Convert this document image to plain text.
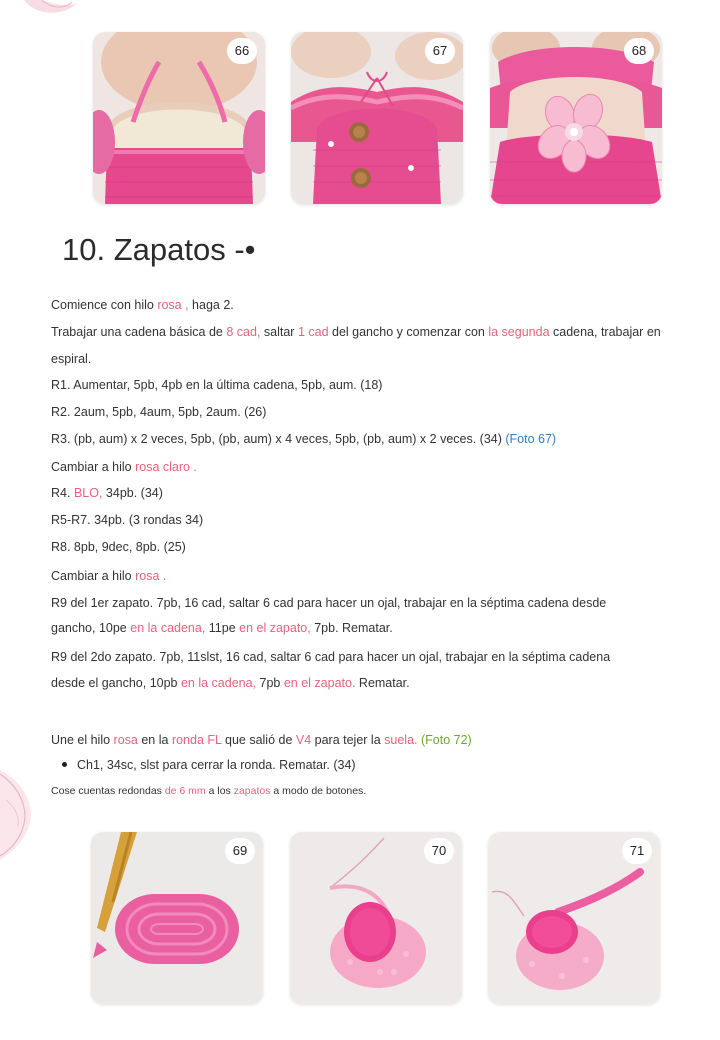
66	67	68
10. Zapatos -•

Comience con hilo rosa , haga 2.

Trabajar una cadena básica de 8 cad, saltar 1 cad del gancho y comenzar con la segunda cadena, trabajar en

espiral.

R1. Aumentar, 5pb, 4pb en la última cadena, 5pb, aum. (18)

R2. 2aum, 5pb, 4aum, 5pb, 2aum. (26)

R3. (pb, aum) x 2 veces, 5pb, (pb, aum) x 4 veces, 5pb, (pb, aum) x 2 veces. (34) (Foto 67)

Cambiar a hilo rosa claro .

R4. BLO, 34pb. (34)

R5-R7. 34pb. (3 rondas 34)

R8. 8pb, 9dec, 8pb. (25)

Cambiar a hilo rosa .

R9 del 1er zapato. 7pb, 16 cad, saltar 6 cad para hacer un ojal, trabajar en la séptima cadena desde

gancho, 10pe en la cadena, 11pe en el zapato, 7pb. Rematar.

R9 del 2do zapato. 7pb, 11slst, 16 cad, saltar 6 cad para hacer un ojal, trabajar en la séptima cadena

desde el gancho, 10pb en la cadena, 7pb en el zapato. Rematar.

Une el hilo rosa en la ronda FL que salió de V4 para tejer la suela. (Foto 72)

Ch1, 34sc, slst para cerrar la ronda. Rematar. (34)

Cose cuentas redondas de 6 mm a los zapatos a modo de botones.

69	70	71
